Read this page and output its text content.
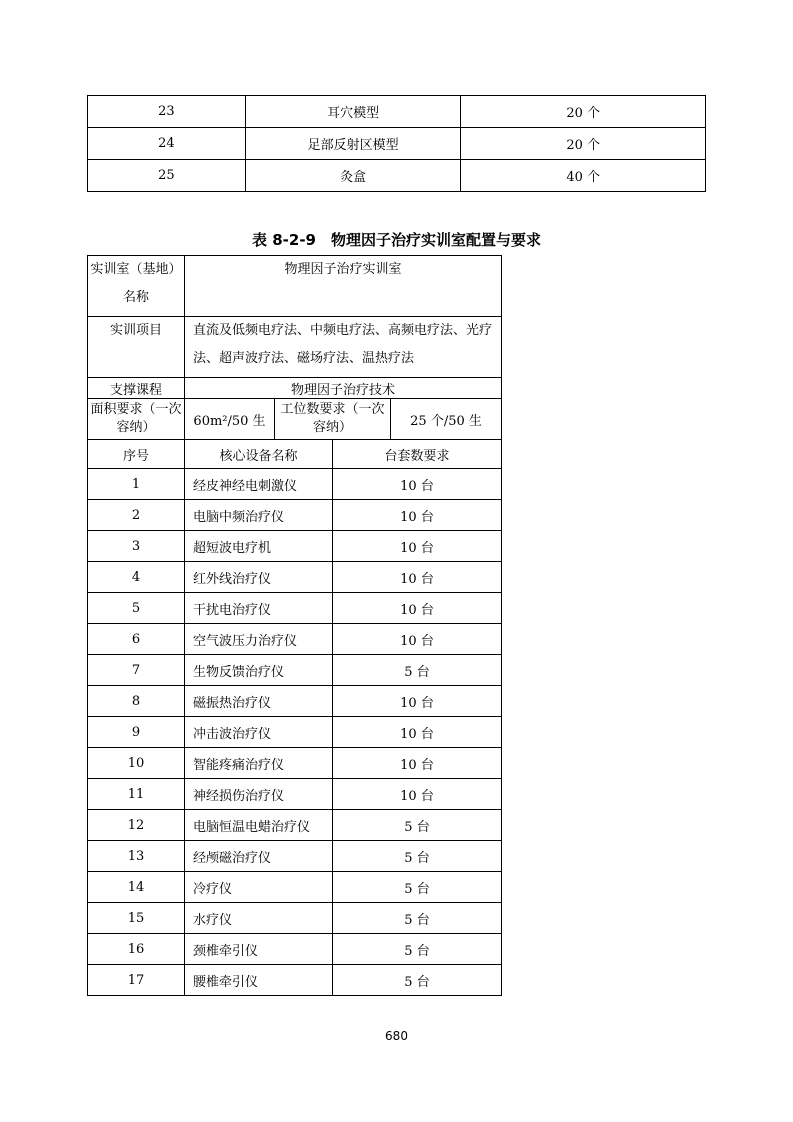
23	耳穴模型	20 个
24	足部反射区模型	20 个
25	灸盒	40 个
表 8-2-9　物理因子治疗实训室配置与要求
实训室（基地）名称	物理因子治疗实训室			
实训项目	直流及低频电疗法、中频电疗法、高频电疗法、光疗法、超声波疗法、磁场疗法、温热疗法			
支撑课程	物理因子治疗技术			
面积要求（一次容纳）	60m²/50 生	工位数要求（一次容纳）		25 个/50 生
序号	核心设备名称		台套数要求	
1	经皮神经电刺激仪		10 台	
2	电脑中频治疗仪		10 台	
3	超短波电疗机		10 台	
4	红外线治疗仪		10 台	
5	干扰电治疗仪		10 台	
6	空气波压力治疗仪		10 台	
7	生物反馈治疗仪		5 台	
8	磁振热治疗仪		10 台	
9	冲击波治疗仪		10 台	
10	智能疼痛治疗仪		10 台	
11	神经损伤治疗仪		10 台	
12	电脑恒温电蜡治疗仪		5 台	
13	经颅磁治疗仪		5 台	
14	冷疗仪		5 台	
15	水疗仪		5 台	
16	颈椎牵引仪		5 台	
17	腰椎牵引仪		5 台	
680
